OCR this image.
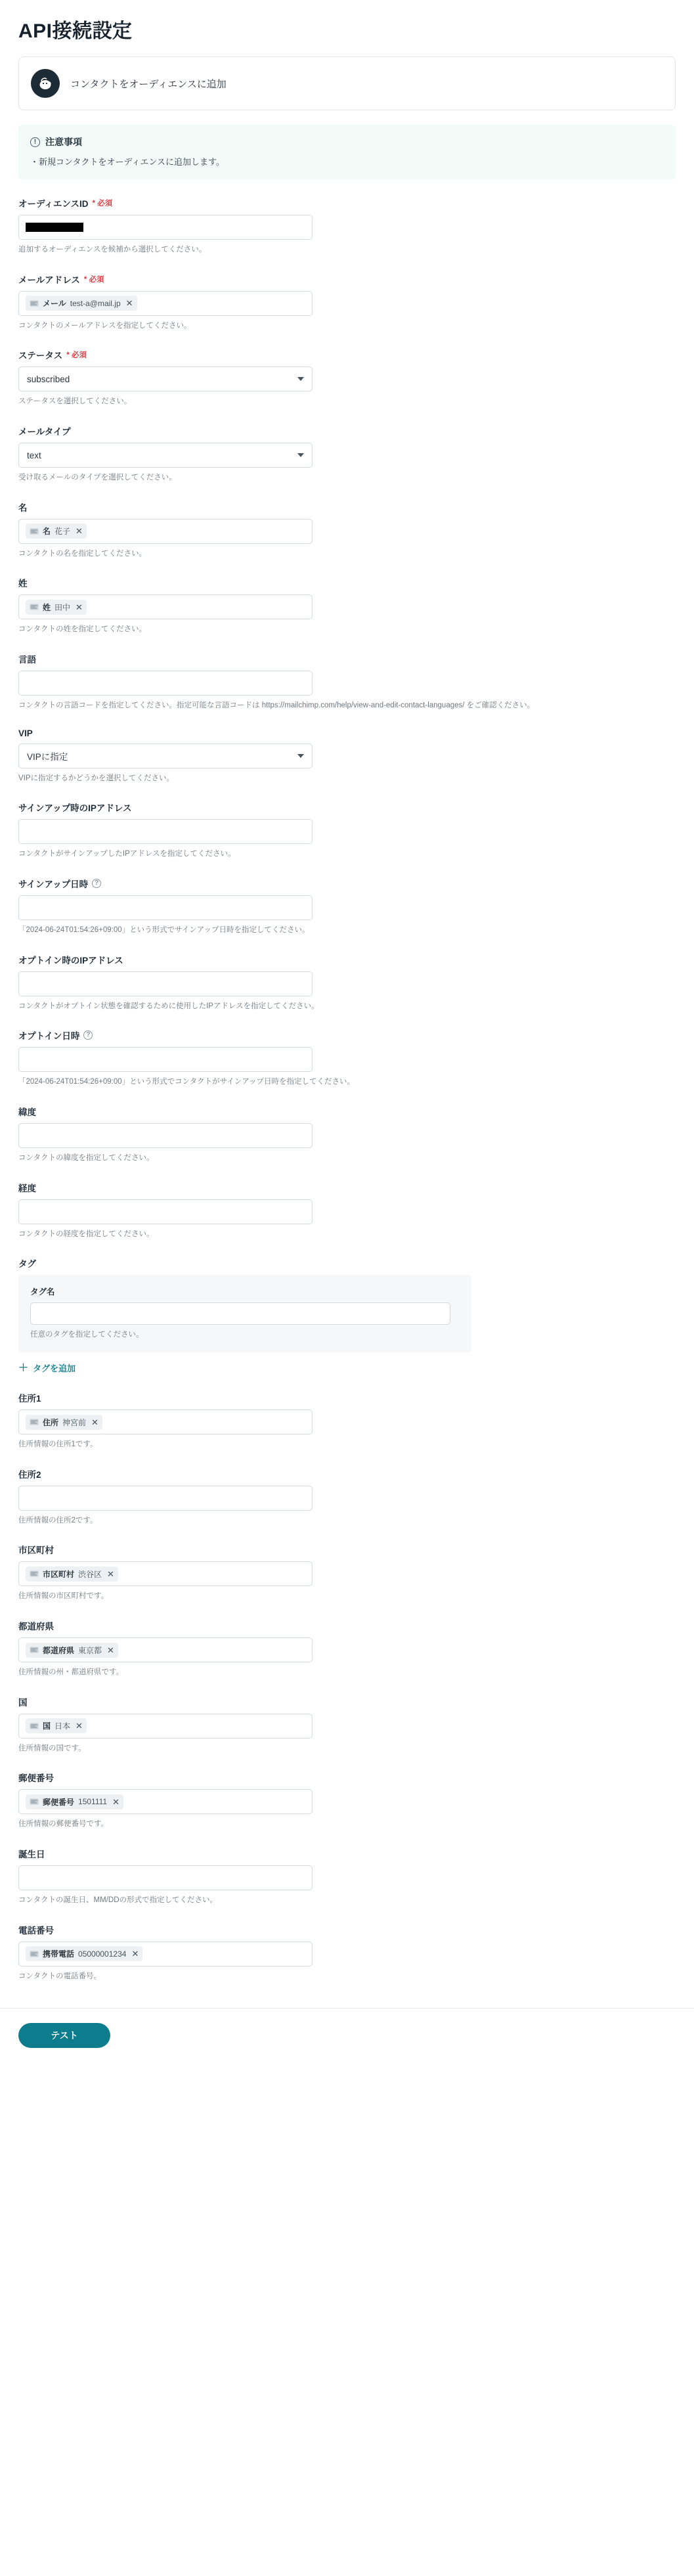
API接続設定
コンタクトをオーディエンスに追加
! 注意事項
・新規コンタクトをオーディエンスに追加します。
オーディエンスID * 必須
追加するオーディエンスを候補から選択してください。
メールアドレス * 必須
メール test-a@mail.jp ✕
コンタクトのメールアドレスを指定してください。
ステータス * 必須
subscribed
ステータスを選択してください。
メールタイプ
text
受け取るメールのタイプを選択してください。
名
名 花子 ✕
コンタクトの名を指定してください。
姓
姓 田中 ✕
コンタクトの姓を指定してください。
言語
コンタクトの言語コードを指定してください。指定可能な言語コードは https://mailchimp.com/help/view-and-edit-contact-languages/ をご確認ください。
VIP
VIPに指定
VIPに指定するかどうかを選択してください。
サインアップ時のIPアドレス
コンタクトがサインアップしたIPアドレスを指定してください。
サインアップ日時 ?
「2024-06-24T01:54:26+09:00」という形式でサインアップ日時を指定してください。
オプトイン時のIPアドレス
コンタクトがオプトイン状態を確認するために使用したIPアドレスを指定してください。
オプトイン日時 ?
「2024-06-24T01:54:26+09:00」という形式でコンタクトがサインアップ日時を指定してください。
緯度
コンタクトの緯度を指定してください。
経度
コンタクトの経度を指定してください。
タグ
タグ名
任意のタグを指定してください。
＋ タグを追加
住所1
住所 神宮前 ✕
住所情報の住所1です。
住所2
住所情報の住所2です。
市区町村
市区町村 渋谷区 ✕
住所情報の市区町村です。
都道府県
都道府県 東京都 ✕
住所情報の州・都道府県です。
国
国 日本 ✕
住所情報の国です。
郵便番号
郵便番号 1501111 ✕
住所情報の郵便番号です。
誕生日
コンタクトの誕生日、MM/DDの形式で指定してください。
電話番号
携帯電話 05000001234 ✕
コンタクトの電話番号。
テスト
